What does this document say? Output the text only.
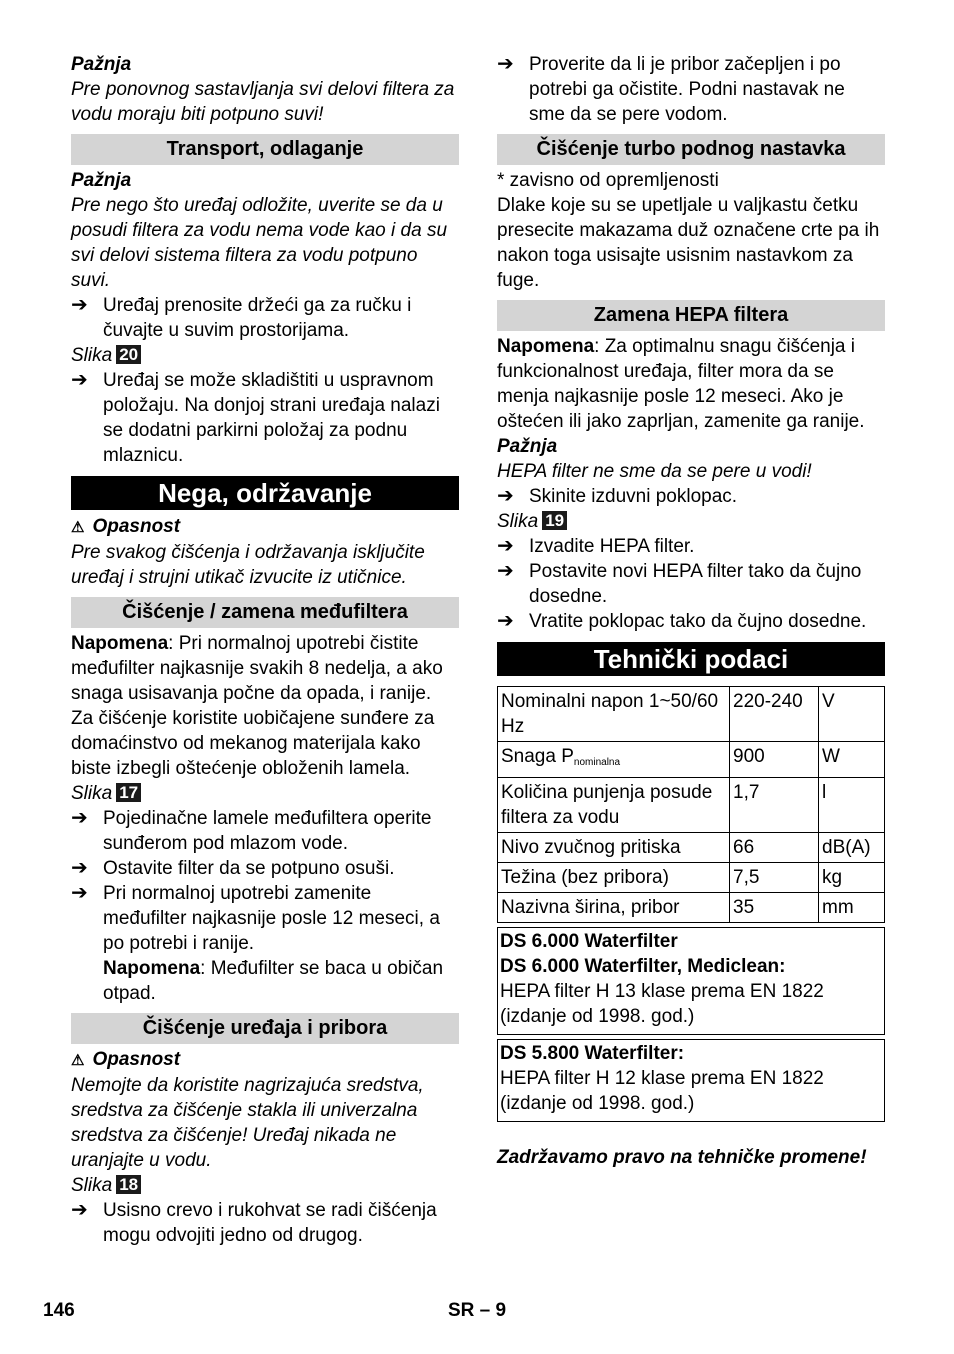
Pažnja

Pre ponovnog sastavljanja svi delovi filtera za vodu moraju biti potpuno suvi!

Transport, odlaganje

Pažnja

Pre nego što uređaj odložite, uverite se da u posudi filtera za vodu nema vode kao i da su svi delovi sistema filtera za vodu potpuno suvi.

➔ Uređaj prenosite držeći ga za ručku i čuvajte u suvim prostorijama.

Slika 20

➔ Uređaj se može skladištiti u uspravnom položaju. Na donjoj strani uređaja nalazi se dodatni parkirni položaj za podnu mlaznicu.
Nega, održavanje

⚠ Opasnost

Pre svakog čišćenja i održavanja isključite uređaj i strujni utikač izvucite iz utičnice.

Čišćenje / zamena međufiltera

Napomena: Pri normalnoj upotrebi čistite međufilter najkasnije svakih 8 nedelja, a ako snaga usisavanja počne da opada, i ranije.

Za čišćenje koristite uobičajene sunđere za domaćinstvo od mekanog materijala kako biste izbegli oštećenje obloženih lamela.

Slika 17

➔ Pojedinačne lamele međufiltera operite sunđerom pod mlazom vode.
➔ Ostavite filter da se potpuno osuši.
➔ Pri normalnoj upotrebi zamenite međufilter najkasnije posle 12 meseci, a po potrebi i ranije.
Napomena: Međufilter se baca u običan otpad.
Čišćenje uređaja i pribora

⚠ Opasnost

Nemojte da koristite nagrizajuća sredstva, sredstva za čišćenje stakla ili univerzalna sredstva za čišćenje! Uređaj nikada ne uranjajte u vodu.

Slika 18

➔ Usisno crevo i rukohvat se radi čišćenja mogu odvojiti jedno od drugog.
➔ Proverite da li je pribor začepljen i po potrebi ga očistite. Podni nastavak ne sme da se pere vodom.
Čišćenje turbo podnog nastavka

* zavisno od opremljenosti

Dlake koje su se upetljale u valjkastu četku presecite makazama duž označene crte pa ih nakon toga usisajte usisnim nastavkom za fuge.

Zamena HEPA filtera

Napomena: Za optimalnu snagu čišćenja i funkcionalnost uređaja, filter mora da se menja najkasnije posle 12 meseci. Ako je oštećen ili jako zaprljan, zamenite ga ranije.

Pažnja

HEPA filter ne sme da se pere u vodi!

➔ Skinite izduvni poklopac.

Slika 19

➔ Izvadite HEPA filter.
➔ Postavite novi HEPA filter tako da čujno dosedne.
➔ Vratite poklopac tako da čujno dosedne.
Tehnički podaci
Nominalni napon 1~50/60 Hz	220-240	V
Snaga $P_{nominalna}$	900	W
Količina punjenja posude filtera za vodu	1,7	l
Nivo zvučnog pritiska	66	dB(A)
Težina (bez pribora)	7,5	kg
Nazivna širina, pribor	35	mm
DS 6.000 Waterfilter
DS 6.000 Waterfilter, Mediclean:
HEPA filter H 13 klase prema EN 1822 (izdanje od 1998. god.)
DS 5.800 Waterfilter:
HEPA filter H 12 klase prema EN 1822 (izdanje od 1998. god.)

Zadržavamo pravo na tehničke promene!

146	SR – 9
